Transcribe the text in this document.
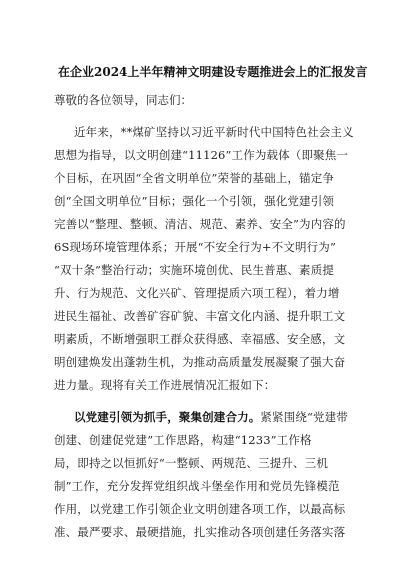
在企业2024上半年精神文明建设专题推进会上的汇报发言
尊敬的各位领导，同志们：
近年来，**煤矿坚持以习近平新时代中国特色社会主义
思想为指导，以文明创建“11126”工作为载体（即聚焦一
个目标，在巩固“全省文明单位”荣誉的基础上，锚定争
创“全国文明单位”目标；强化一个引领，强化党建引领
完善以“整理、整顿、清洁、规范、素养、安全”为内容的
6S现场环境管理体系；开展“不安全行为+不文明行为”
“双十条”整治行动；实施环境创优、民生普惠、素质提
升、行为规范、文化兴矿、管理提质六项工程），着力增
进民生福祉、改善矿容矿貌、丰富文化内涵、提升职工文
明素质，不断增强职工群众获得感、幸福感、安全感，文
明创建焕发出蓬勃生机，为推动高质量发展凝聚了强大奋
进力量。现将有关工作进展情况汇报如下：
以党建引领为抓手，聚集创建合力。紧紧围绕“党建带
创建、创建促党建”工作思路，构建“1233”工作格
局，即持之以恒抓好“一整顿、两规范、三提升、三机
制”工作，充分发挥党组织战斗堡垒作用和党员先锋模范
作用，以党建工作引领企业文明创建各项工作，以最高标
准、最严要求、最硬措施，扎实推动各项创建任务落实落
